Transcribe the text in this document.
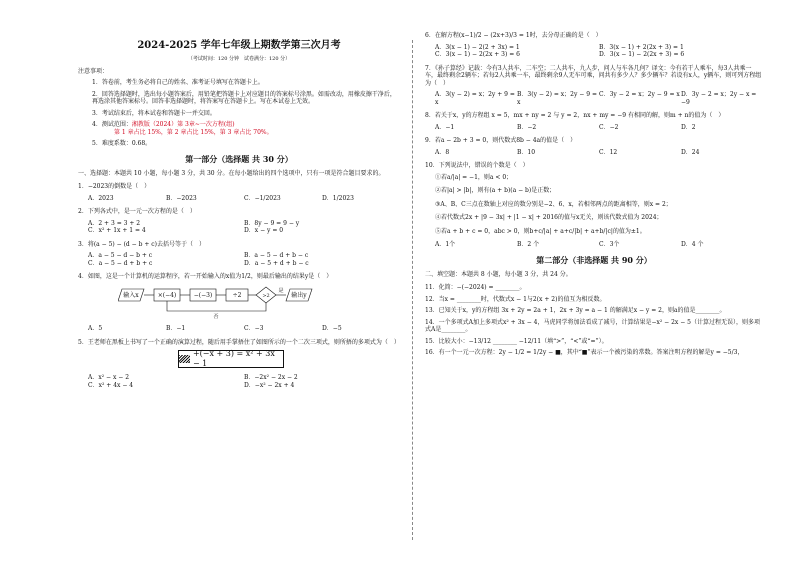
2024-2025 学年七年级上期数学第三次月考
（考试时间：120 分钟　试卷满分：120 分）
注意事项：
1．答卷前，考生务必将自己的姓名、准考证号填写在答题卡上。
2．回答选择题时，选出每小题答案后，用铅笔把答题卡上对应题目的答案标号涂黑。如需改动，用橡皮擦干净后，再选涂其他答案标号。回答非选择题时，将答案写在答题卡上。写在本试卷上无效。
3．考试结束后，将本试卷和答题卡一并交回。
4．测试范围：湘教版（2024）第 3章~一次方程(组)
第 1 章占比 15%，第 2 章占比 15%，第 3 章占比 70%。
5．难度系数：0.68。
第一部分（选择题 共 30 分）
一、选择题：本题共 10 小题，每小题 3 分，共 30 分。在每小题给出的四个选项中，只有一项是符合题目要求的。
1．−2023的倒数是（　）
A．2023	B．−2023	C．−1/2023	D．1/2023
2．下列各式中，是一元一次方程的是（　）
A．2 + 3 = 3 + 2	B．8y − 9 = 9 − y
C．x² + 1x + 1 = 4	D．x − y = 0
3．将(a − 5) − (d − b + c)去括号等于（　）
A．a − 5 − d − b + c	B．a − 5 − d + b − c
C．a − 5 − d + b + c	D．a − 5 + d + b − c
4．如图，这是一个计算机的运算程序，若一开始输入的x值为1/2，则最后输出的结果y是（　）
输入x	×(−4)	−(−3)	÷2	>2
是
输出y
否
A．5	B．−1	C．−3	D．−5
5．王老师在黑板上书写了一个正确的演算过程，随后用手掌捂住了如图所示的一个二次三项式，则所捂的多项式为（　）
+(−x + 3) = x² + 3x − 1
A．x² − x − 2	B．−2x² − 2x − 2
C．x² + 4x − 4	D．−x² − 2x + 4
6．在解方程(x−1)/2 − (2x+3)/3 = 1时，去分母正确的是（　）
A．3(x − 1) − 2(2 + 3x) = 1	B．3(x − 1) + 2(2x + 3) = 1
C．3(x − 1) − 2(2x + 3) = 6	D．3(x − 1) − 2(2x + 3) = 6
7．《孙子算经》记载：今有3人共车，二车空；二人共车，九人步，问人与车各几何？译文：今有若干人乘车，每3人共乘一车，最终剩余2辆车；若每2人共乘一车，最终剩余9人无车可乘，问共有多少人？多少辆车？若设有x人，y辆车，则可列方程组为（　）
A．3(y − 2) = x；2y + 9 = x
B．3(y − 2) = x；2y − 9 = x
C．3y − 2 = x；2y − 9 = x D．3y − 2 = x；2y − x = −9
8．若关于x，y的方程组 x = 5，mx + ny = 2 与 y = 2，nx + my = −9 有相同的解，则m + n的值为（　）
A．−1	B．−2	C．−2	D．2
9．若a − 2b + 3 = 0，则代数式8b − 4a的值是（　）
A．8	B．10	C．12	D．24
10．下列说法中，错误的个数是（　）
①若a/|a| = −1，则a < 0；
②若|a| > |b|，则有(a + b)(a − b)是正数；
③A、B、C三点在数轴上对应的数分别是−2、6、x，若相邻两点的距离相等，则x = 2；
④若代数式2x + |9 − 3x| + |1 − x| + 2016的值与x无关，则该代数式值为 2024；
⑤若a + b + c = 0，abc > 0，则b+c/|a| + a+c/|b| + a+b/|c|的值为±1。
A．1个	B．2 个	C．3个	D．4 个
第二部分（非选择题 共 90 分）
二、填空题：本题共 8 小题，每小题 3 分，共 24 分。
11．化简：−(−2024) = ________。
12．当x = ________时，代数式x − 1与2(x + 2)的值互为相反数。
13．已知关于x，y的方程组 3x + 2y = 2a + 1，2x + 3y = a − 1 的解满足x − y = 2，则a的值是________。
14．一个多项式A加上多项式x² + 3x − 4，马虎同学将加法看成了减号，计算结果是−x² − 2x − 5（计算过程无误），则多项式A是________。
15．比较大小：−13/12 ________ −12/11（填“>”，“<”或“=”）。
16．有一个一元一次方程：2y − 1/2 = 1/2y − ■，其中“■”表示一个被污染的常数。答案注明方程的解是y = −5/3，
